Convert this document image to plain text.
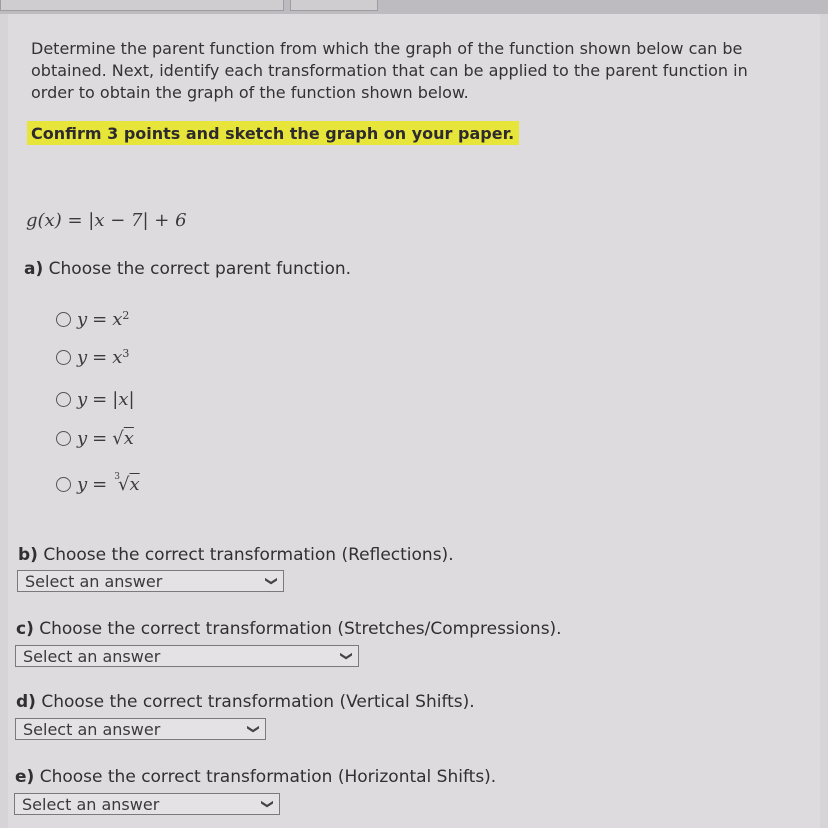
Determine the parent function from which the graph of the function shown below can be obtained. Next, identify each transformation that can be applied to the parent function in order to obtain the graph of the function shown below.
Confirm 3 points and sketch the graph on your paper.
g(x) = |x − 7| + 6
a) Choose the correct parent function.
$y = x^2$
$y = x^3$
y = |x|
y = √ x
y = 3
√ x
b) Choose the correct transformation (Reflections).
Select an answer	❯
c) Choose the correct transformation (Stretches/Compressions).
Select an answer	❯
d) Choose the correct transformation (Vertical Shifts).
Select an answer	❯
e) Choose the correct transformation (Horizontal Shifts).
Select an answer	❯
